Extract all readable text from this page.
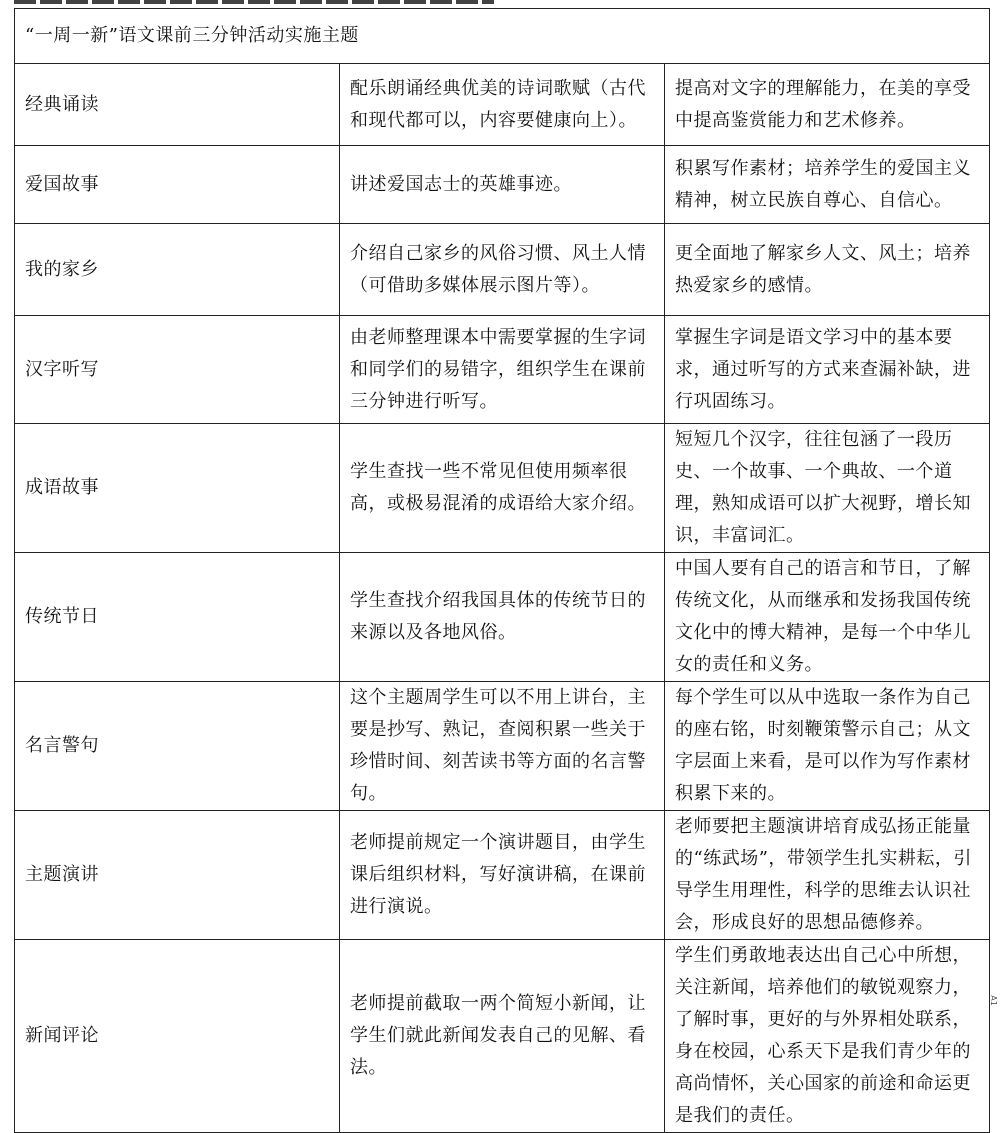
“一周一新”语文课前三分钟活动实施主题		
经典诵读	配乐朗诵经典优美的诗词歌赋（古代和现代都可以，内容要健康向上）。	提高对文字的理解能力，在美的享受中提高鉴赏能力和艺术修养。
爱国故事	讲述爱国志士的英雄事迹。	积累写作素材；培养学生的爱国主义精神，树立民族自尊心、自信心。
我的家乡	介绍自己家乡的风俗习惯、风土人情（可借助多媒体展示图片等）。	更全面地了解家乡人文、风土；培养热爱家乡的感情。
汉字听写	由老师整理课本中需要掌握的生字词和同学们的易错字，组织学生在课前三分钟进行听写。	掌握生字词是语文学习中的基本要求，通过听写的方式来查漏补缺，进行巩固练习。
成语故事	学生查找一些不常见但使用频率很高，或极易混淆的成语给大家介绍。	短短几个汉字，往往包涵了一段历史、一个故事、一个典故、一个道理，熟知成语可以扩大视野，增长知识，丰富词汇。
传统节日	学生查找介绍我国具体的传统节日的来源以及各地风俗。	中国人要有自己的语言和节日，了解传统文化，从而继承和发扬我国传统文化中的博大精神，是每一个中华儿女的责任和义务。
名言警句	这个主题周学生可以不用上讲台，主要是抄写、熟记，查阅积累一些关于珍惜时间、刻苦读书等方面的名言警句。	每个学生可以从中选取一条作为自己的座右铭，时刻鞭策警示自己；从文字层面上来看，是可以作为写作素材积累下来的。
主题演讲	老师提前规定一个演讲题目，由学生课后组织材料，写好演讲稿，在课前进行演说。	老师要把主题演讲培育成弘扬正能量的“练武场”，带领学生扎实耕耘，引导学生用理性，科学的思维去认识社会，形成良好的思想品德修养。
新闻评论	老师提前截取一两个简短小新闻，让学生们就此新闻发表自己的见解、看法。	学生们勇敢地表达出自己心中所想，关注新闻，培养他们的敏锐观察力，了解时事，更好的与外界相处联系，身在校园，心系天下是我们青少年的高尚情怀，关心国家的前途和命运更是我们的责任。
A1
